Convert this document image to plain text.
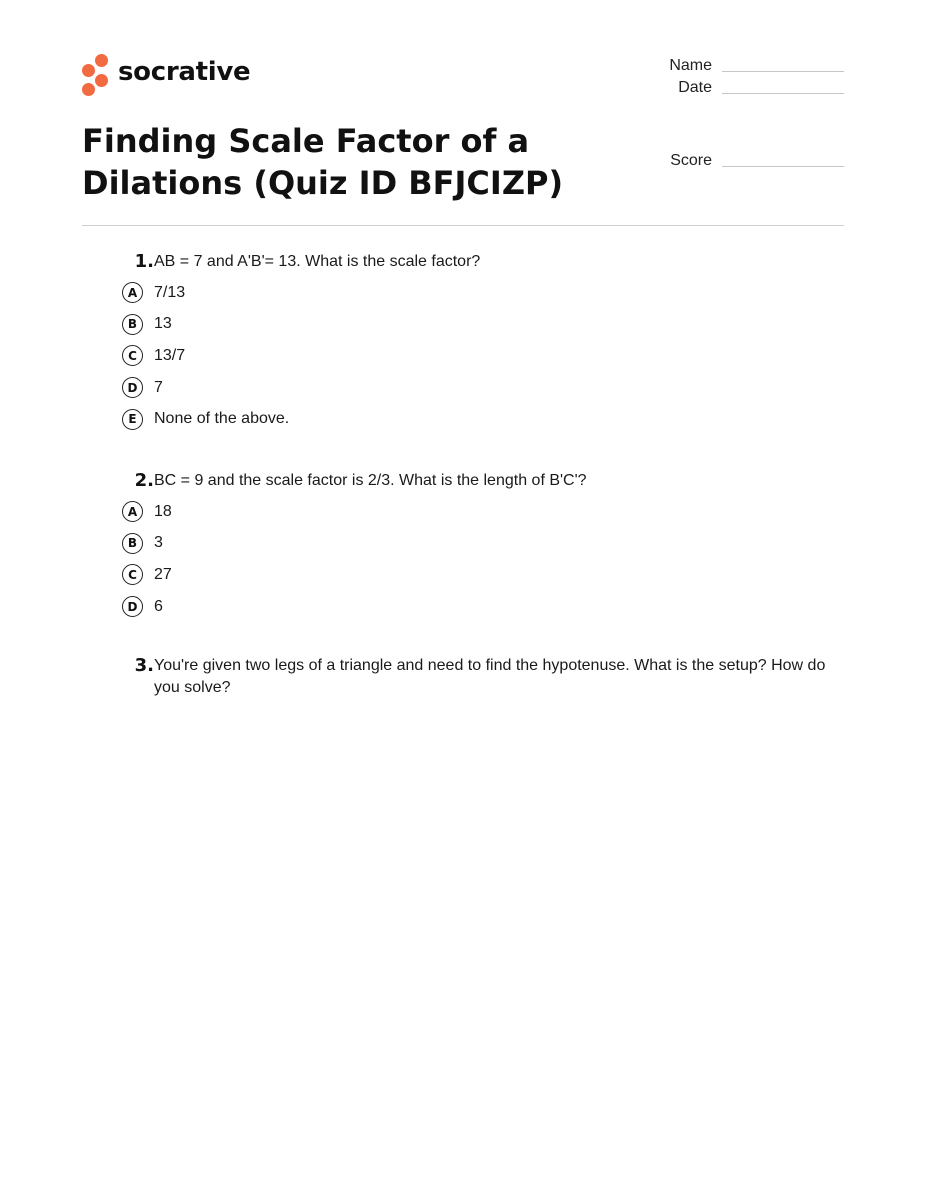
socrative	Name
Date
Score
Finding Scale Factor of a Dilations (Quiz ID BFJCIZP)
1. AB = 7 and A'B'= 13. What is the scale factor?
A	7/13
B	13
C	13/7
D	7
E	None of the above.
2. BC = 9 and the scale factor is 2/3. What is the length of B'C'?
A	18
B	3
C	27
D	6
3. You're given two legs of a triangle and need to find the hypotenuse. What is the setup? How do you solve?
